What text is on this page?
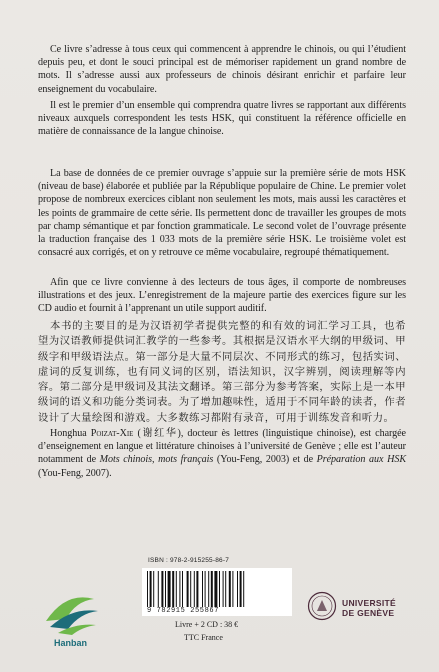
Ce livre s’adresse à tous ceux qui commencent à apprendre le chinois, ou qui l’étudient depuis peu, et dont le souci principal est de mémoriser rapidement un grand nombre de mots. Il s’adresse aussi aux professeurs de chinois désirant enrichir et parfaire leur enseignement du vocabulaire.

Il est le premier d’un ensemble qui comprendra quatre livres se rapportant aux différents niveaux auxquels correspondent les tests HSK, qui constituent la référence officielle en matière de connaissance de la langue chinoise.

La base de données de ce premier ouvrage s’appuie sur la première série de mots HSK (niveau de base) élaborée et publiée par la République populaire de Chine. Le premier volet propose de nombreux exercices ciblant non seulement les mots, mais aussi les caractères et les points de grammaire de cette série. Ils permettent donc de travailler les groupes de mots par champ sémantique et par fonction grammaticale. Le second volet de l’ouvrage présente la traduction française des 1 033 mots de la première série HSK. Le troisième volet est consacré aux corrigés, et on y retrouve ce même vocabulaire, regroupé thématiquement.

Afin que ce livre convienne à des lecteurs de tous âges, il comporte de nombreuses illustrations et des jeux. L’enregistrement de la majeure partie des exercices figure sur les CD audio et fournit à l’apprenant un utile support auditif.

本书的主要目的是为汉语初学者提供完整的和有效的词汇学习工具，也希望为汉语教师提供词汇教学的一些参考。其根据是汉语水平大纲的甲级词、甲级字和甲级语法点。第一部分是大量不同层次、不同形式的练习，包括实词、虚词的反复训练，也有同义词的区别，语法知识，汉字辨别，阅读理解等内容。第二部分是甲级词及其法文翻译。第三部分为参考答案，实际上是一本甲级词的语义和功能分类词表。为了增加趣味性，适用于不同年龄的读者，作者设计了大量绘图和游戏。大多数练习都附有录音，可用于训练发音和听力。

Honghua Poizat-Xie (谢红华), docteur ès lettres (linguistique chinoise), est chargée d’enseignement en langue et littérature chinoises à l’université de Genève ; elle est l’auteur notamment de Mots chinois, mots français (You-Feng, 2003) et de Préparation aux HSK (You-Feng, 2007).

ISBN : 978-2-915255-86-7
9 782915 255867
Livre + 2 CD : 38 €
TTC France
Hanban
UNIVERSITÉ
DE GENÈVE
